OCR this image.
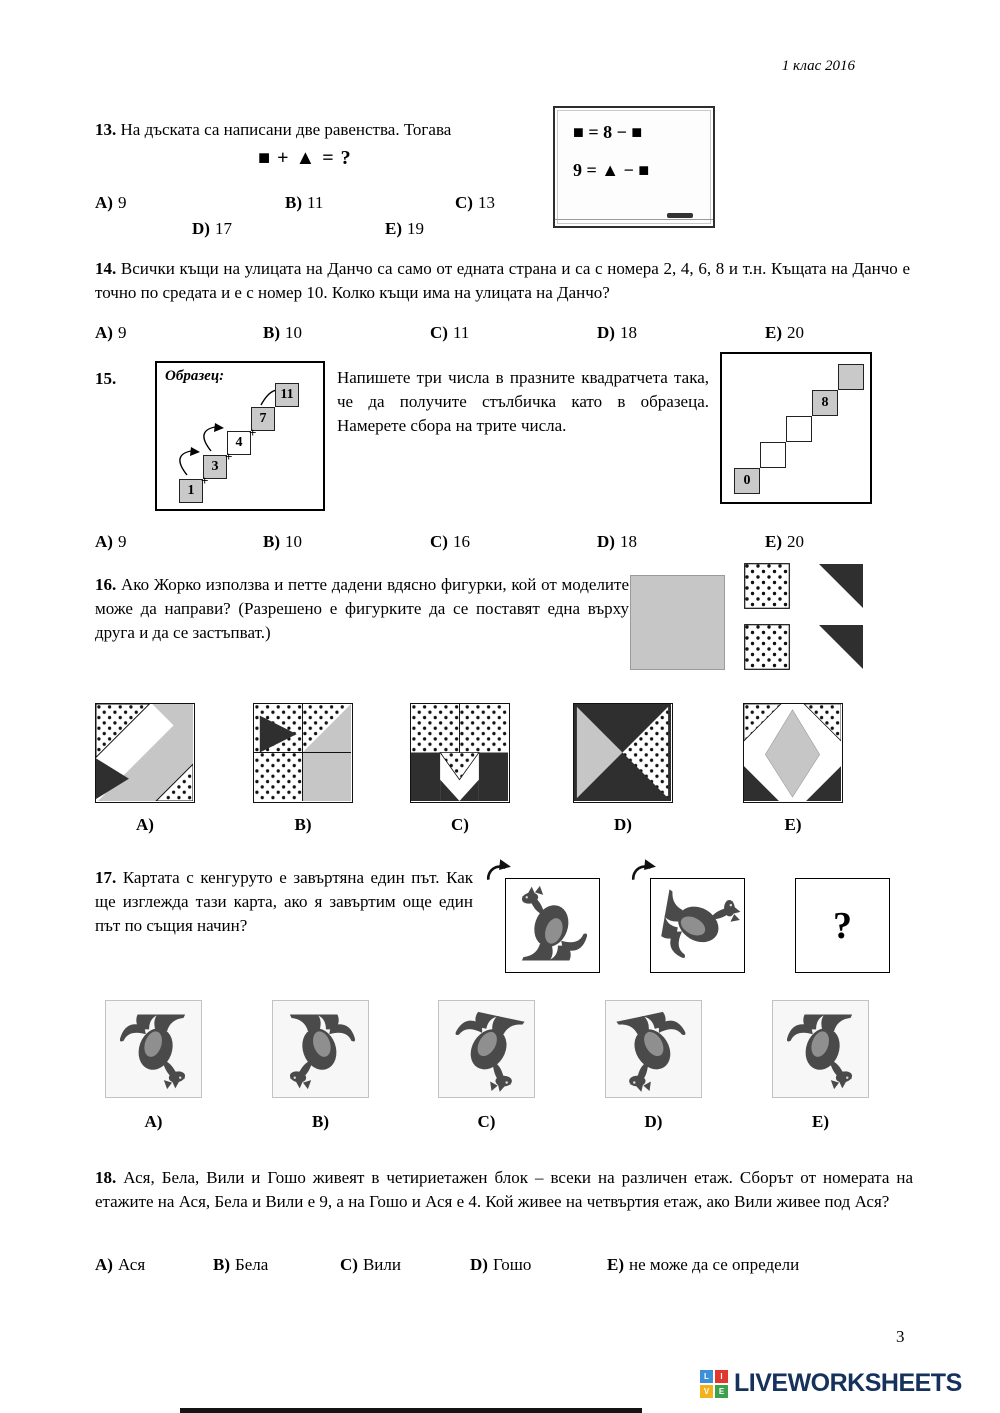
1 клас 2016
13. На дъската са написани две равенства. Тогава
■ + ▲ = ?
■ = 8 − ■
9 = ▲ − ■
А) 9	В) 11	С) 13
D) 17	Е) 19
14. Всички къщи на улицата на Данчо са само от едната страна и са с номера 2, 4, 6, 8 и т.н. Къщата на Данчо е точно по средата и е с номер 10. Колко къщи има на улицата на Данчо?
А) 9	В) 10	С) 11	D) 18	Е) 20
15.	Образец:
1
3
4
7
11
+
+
+
Напишете три числа в празните квадратчета така, че да получите стълбичка като в образеца. Намерете сбора на трите числа.
0
8
А) 9	В) 10	С) 16	D) 18	Е) 20
16. Ако Жорко използва и петте дадени вдясно фигурки, кой от моделите може да направи? (Разрешено е фигурките да се поставят една върху друга и да се застъпват.)
А)	В)	С)	D)	Е)
17. Картата с кенгуруто е завъртяна един път. Как ще изглежда тази карта, ако я завъртим още един път по същия начин?	?
А)	В)	С)	D)	Е)
18. Ася, Бела, Вили и Гошо живеят в четириетажен блок – всеки на различен етаж. Сборът от номерата на етажите на Ася, Бела и Вили е 9, а на Гошо и Ася е 4. Кой живее на четвъртия етаж, ако Вили живее под Ася?
А) Ася	В) Бела	С) Вили	D) Гошо	Е) не може да се определи
3
L	I
V	E LIVEWORKSHEETS
